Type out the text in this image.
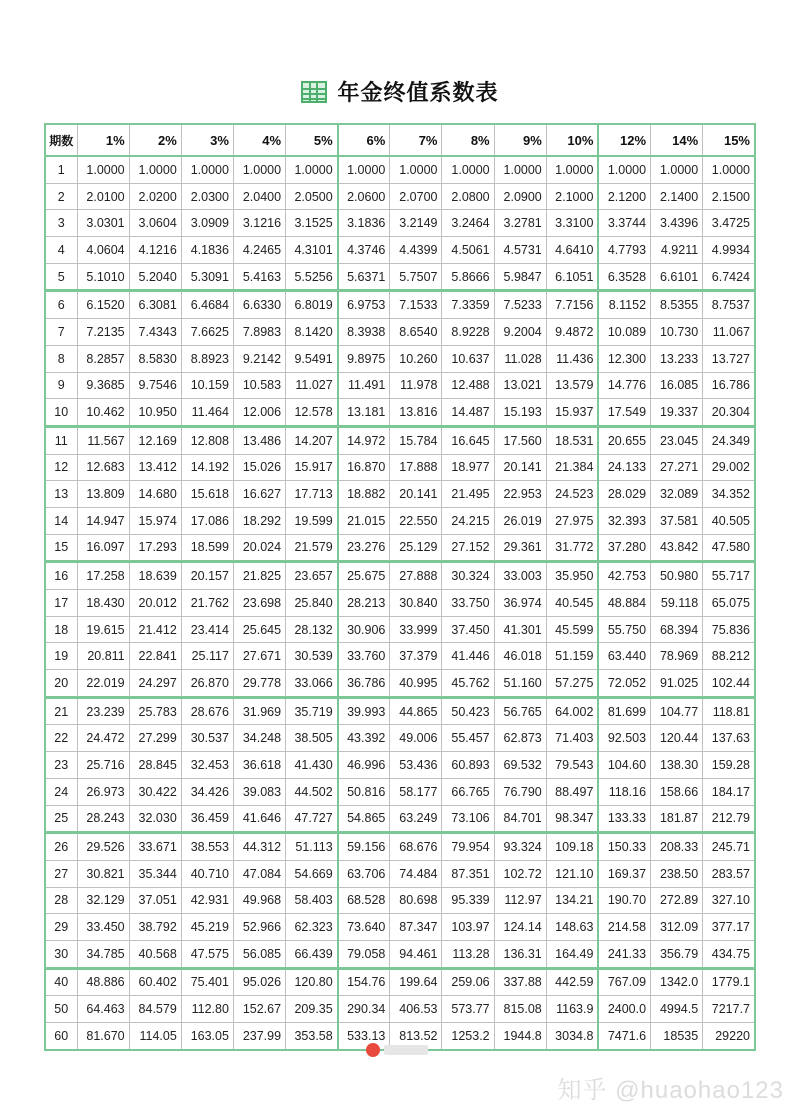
年金终值系数表
期数	1%	2%	3%	4%	5%	6%	7%	8%	9%	10%	12%	14%	15%
1	1.0000	1.0000	1.0000	1.0000	1.0000	1.0000	1.0000	1.0000	1.0000	1.0000	1.0000	1.0000	1.0000
2	2.0100	2.0200	2.0300	2.0400	2.0500	2.0600	2.0700	2.0800	2.0900	2.1000	2.1200	2.1400	2.1500
3	3.0301	3.0604	3.0909	3.1216	3.1525	3.1836	3.2149	3.2464	3.2781	3.3100	3.3744	3.4396	3.4725
4	4.0604	4.1216	4.1836	4.2465	4.3101	4.3746	4.4399	4.5061	4.5731	4.6410	4.7793	4.9211	4.9934
5	5.1010	5.2040	5.3091	5.4163	5.5256	5.6371	5.7507	5.8666	5.9847	6.1051	6.3528	6.6101	6.7424
6	6.1520	6.3081	6.4684	6.6330	6.8019	6.9753	7.1533	7.3359	7.5233	7.7156	8.1152	8.5355	8.7537
7	7.2135	7.4343	7.6625	7.8983	8.1420	8.3938	8.6540	8.9228	9.2004	9.4872	10.089	10.730	11.067
8	8.2857	8.5830	8.8923	9.2142	9.5491	9.8975	10.260	10.637	11.028	11.436	12.300	13.233	13.727
9	9.3685	9.7546	10.159	10.583	11.027	11.491	11.978	12.488	13.021	13.579	14.776	16.085	16.786
10	10.462	10.950	11.464	12.006	12.578	13.181	13.816	14.487	15.193	15.937	17.549	19.337	20.304
11	11.567	12.169	12.808	13.486	14.207	14.972	15.784	16.645	17.560	18.531	20.655	23.045	24.349
12	12.683	13.412	14.192	15.026	15.917	16.870	17.888	18.977	20.141	21.384	24.133	27.271	29.002
13	13.809	14.680	15.618	16.627	17.713	18.882	20.141	21.495	22.953	24.523	28.029	32.089	34.352
14	14.947	15.974	17.086	18.292	19.599	21.015	22.550	24.215	26.019	27.975	32.393	37.581	40.505
15	16.097	17.293	18.599	20.024	21.579	23.276	25.129	27.152	29.361	31.772	37.280	43.842	47.580
16	17.258	18.639	20.157	21.825	23.657	25.675	27.888	30.324	33.003	35.950	42.753	50.980	55.717
17	18.430	20.012	21.762	23.698	25.840	28.213	30.840	33.750	36.974	40.545	48.884	59.118	65.075
18	19.615	21.412	23.414	25.645	28.132	30.906	33.999	37.450	41.301	45.599	55.750	68.394	75.836
19	20.811	22.841	25.117	27.671	30.539	33.760	37.379	41.446	46.018	51.159	63.440	78.969	88.212
20	22.019	24.297	26.870	29.778	33.066	36.786	40.995	45.762	51.160	57.275	72.052	91.025	102.44
21	23.239	25.783	28.676	31.969	35.719	39.993	44.865	50.423	56.765	64.002	81.699	104.77	118.81
22	24.472	27.299	30.537	34.248	38.505	43.392	49.006	55.457	62.873	71.403	92.503	120.44	137.63
23	25.716	28.845	32.453	36.618	41.430	46.996	53.436	60.893	69.532	79.543	104.60	138.30	159.28
24	26.973	30.422	34.426	39.083	44.502	50.816	58.177	66.765	76.790	88.497	118.16	158.66	184.17
25	28.243	32.030	36.459	41.646	47.727	54.865	63.249	73.106	84.701	98.347	133.33	181.87	212.79
26	29.526	33.671	38.553	44.312	51.113	59.156	68.676	79.954	93.324	109.18	150.33	208.33	245.71
27	30.821	35.344	40.710	47.084	54.669	63.706	74.484	87.351	102.72	121.10	169.37	238.50	283.57
28	32.129	37.051	42.931	49.968	58.403	68.528	80.698	95.339	112.97	134.21	190.70	272.89	327.10
29	33.450	38.792	45.219	52.966	62.323	73.640	87.347	103.97	124.14	148.63	214.58	312.09	377.17
30	34.785	40.568	47.575	56.085	66.439	79.058	94.461	113.28	136.31	164.49	241.33	356.79	434.75
40	48.886	60.402	75.401	95.026	120.80	154.76	199.64	259.06	337.88	442.59	767.09	1342.0	1779.1
50	64.463	84.579	112.80	152.67	209.35	290.34	406.53	573.77	815.08	1163.9	2400.0	4994.5	7217.7
60	81.670	114.05	163.05	237.99	353.58	533.13	813.52	1253.2	1944.8	3034.8	7471.6	18535	29220
知乎 @huaohao123
